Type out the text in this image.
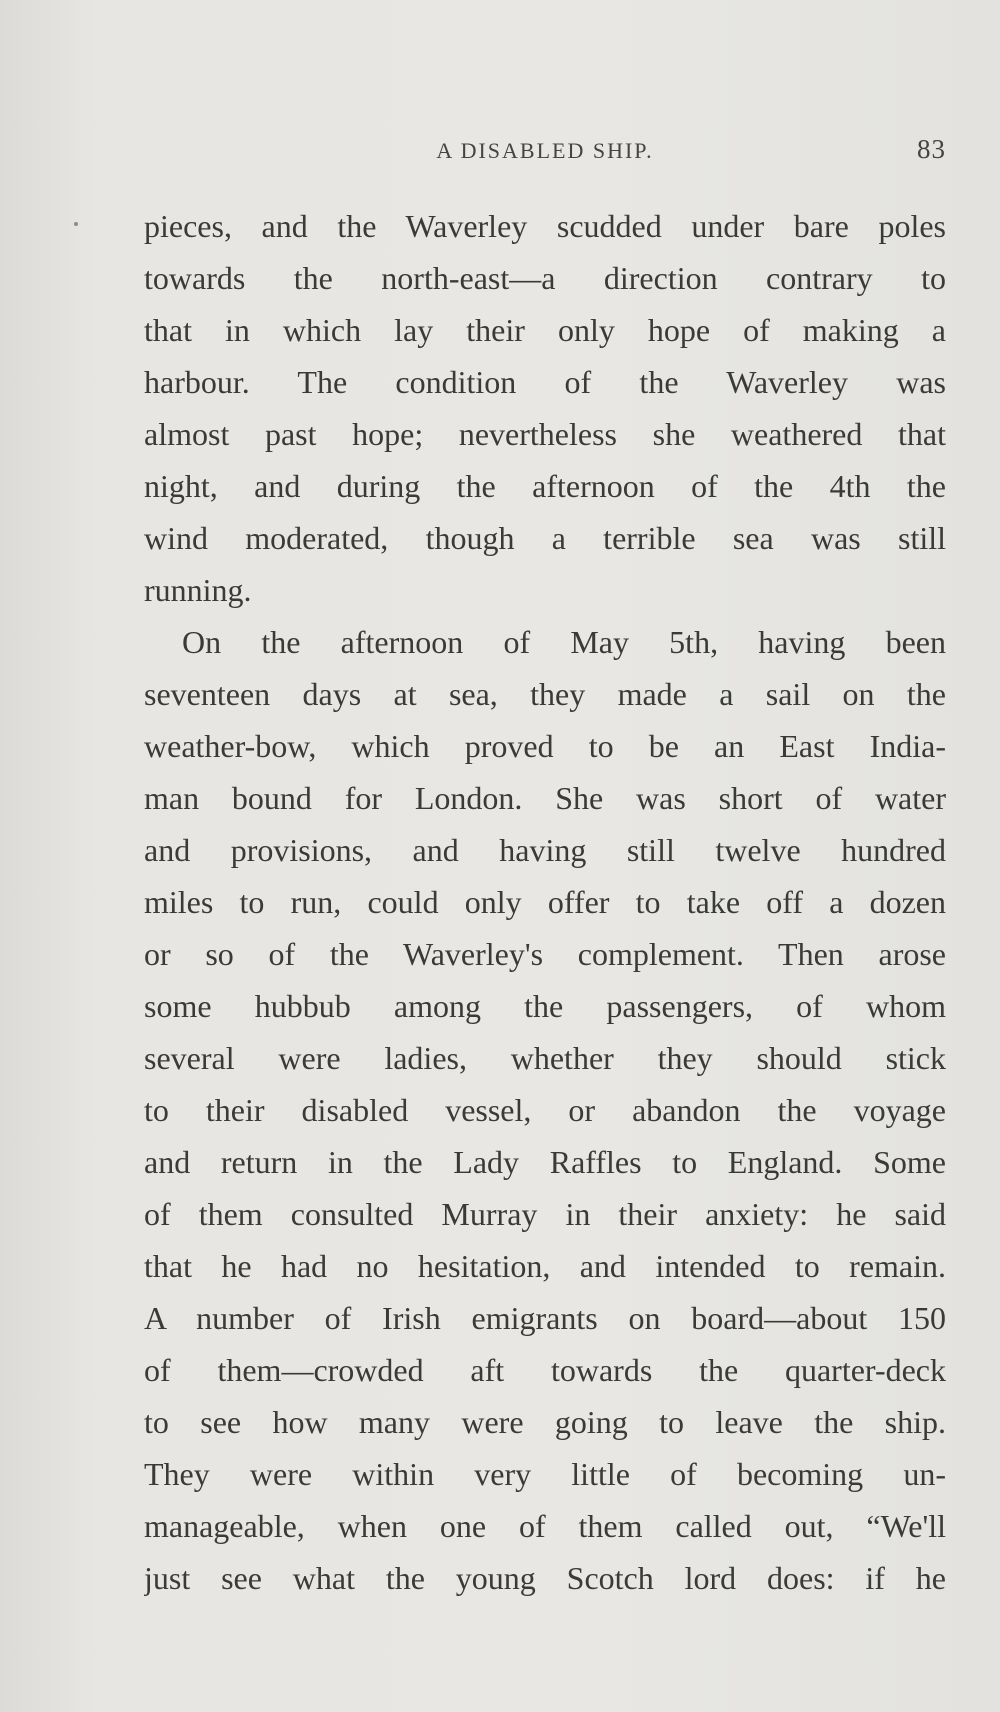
A DISABLED SHIP.	83
pieces, and the Waverley scudded under bare poles
towards the north-east—a direction contrary to
that in which lay their only hope of making a
harbour. The condition of the Waverley was
almost past hope; nevertheless she weathered that
night, and during the afternoon of the 4th the
wind moderated, though a terrible sea was still
running.
On the afternoon of May 5th, having been
seventeen days at sea, they made a sail on the
weather-bow, which proved to be an East India-
man bound for London. She was short of water
and provisions, and having still twelve hundred
miles to run, could only offer to take off a dozen
or so of the Waverley's complement. Then arose
some hubbub among the passengers, of whom
several were ladies, whether they should stick
to their disabled vessel, or abandon the voyage
and return in the Lady Raffles to England. Some
of them consulted Murray in their anxiety: he said
that he had no hesitation, and intended to remain.
A number of Irish emigrants on board—about 150
of them—crowded aft towards the quarter-deck
to see how many were going to leave the ship.
They were within very little of becoming un-
manageable, when one of them called out, “We'll
just see what the young Scotch lord does: if he
